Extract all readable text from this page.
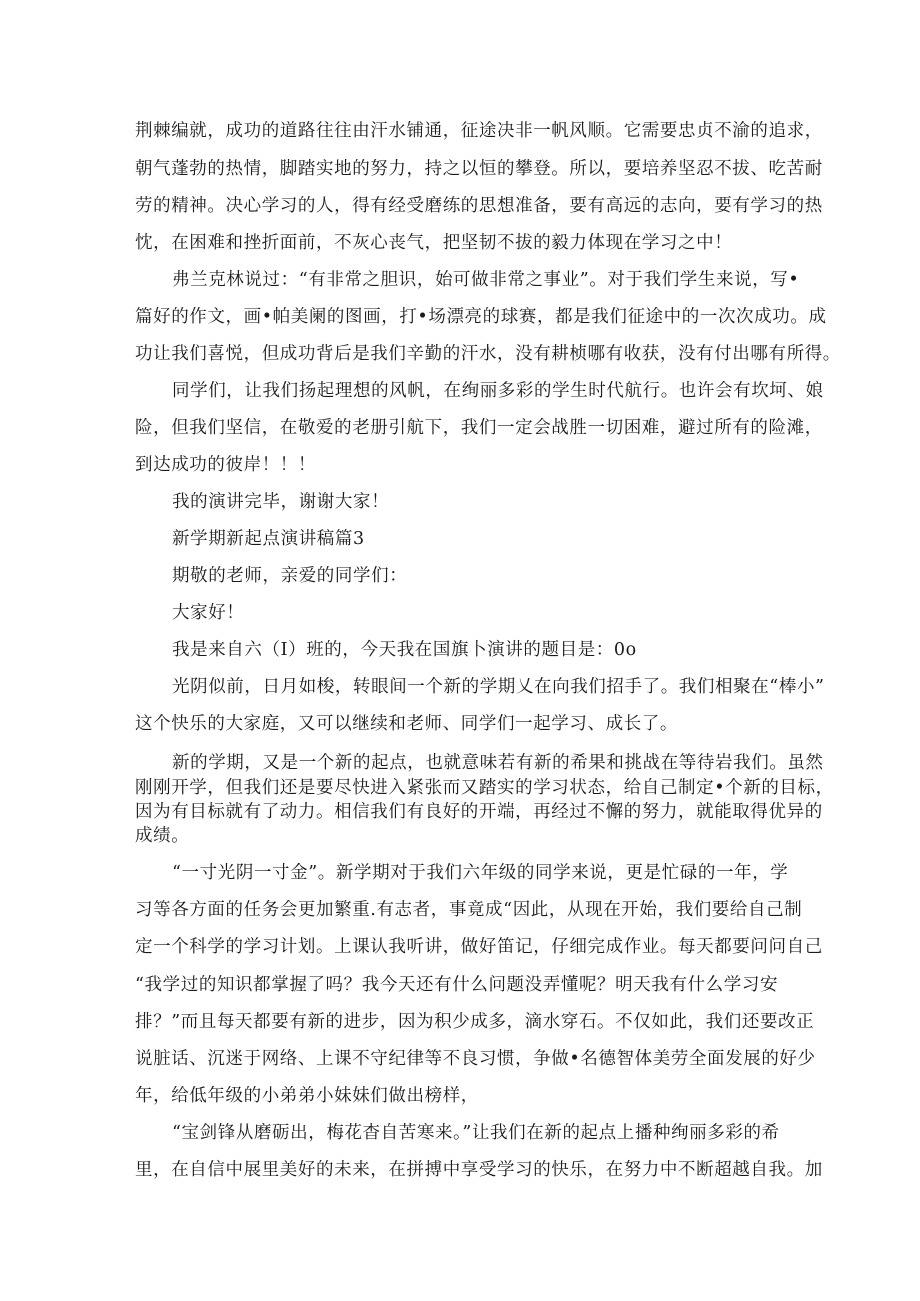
荆棘编就，成功的道路往往由汗水铺通，征途决非一帆风顺。它需要忠贞不渝的追求，
朝气蓬勃的热情，脚踏实地的努力，持之以恒的攀登。所以，要培养坚忍不拔、吃苦耐
劳的精神。决心学习的人，得有经受磨练的思想准备，要有高远的志向，要有学习的热
忱，在困难和挫折面前，不灰心丧气，把坚韧不拔的毅力体现在学习之中！
弗兰克林说过：“有非常之胆识，始可做非常之事业”。对于我们学生来说，写•
篇好的作文，画•帕美阑的图画，打•场漂亮的球赛，都是我们征途中的一次次成功。成
功让我们喜悦，但成功背后是我们辛勤的汗水，没有耕桢哪有收获，没有付出哪有所得。
同学们，让我们扬起理想的风帆，在绚丽多彩的学生时代航行。也许会有坎坷、娘
险，但我们坚信，在敬爱的老册引航下，我们一定会战胜一切困难，避过所有的险滩，
到达成功的彼岸！！！
我的演讲完毕，谢谢大家！
新学期新起点演讲稿篇3
期敬的老师，亲爱的同学们：
大家好！
我是来自六（I）班的，今天我在国旗卜演讲的题目是：0o
光阴似前，日月如梭，转眼间一个新的学期乂在向我们招手了。我们相聚在“棒小”
这个快乐的大家庭，又可以继续和老师、同学们一起学习、成长了。
新的学期，又是一个新的起点，也就意味若有新的希果和挑战在等待岩我们。虽然
刚刚开学，但我们还是要尽快进入紧张而又踏实的学习状态，给自己制定•个新的目标，
因为有目标就有了动力。相信我们有良好的开端，再经过不懈的努力，就能取得优异的
成绩。
“一寸光阴一寸金”。新学期对于我们六年级的同学来说，更是忙碌的一年，学
习等各方面的任务会更加繁重.有志者，事竟成“因此，从现在开始，我们要给自己制
定一个科学的学习计划。上课认我听讲，做好笛记，仔细完成作业。每天都要问问自己
“我学过的知识都掌握了吗？我今天还有什么问题没弄懂呢？明天我有什么学习安
排？”而且每天都要有新的进步，因为积少成多，滴水穿石。不仅如此，我们还要改正
说脏话、沉迷于网络、上课不守纪律等不良习惯，争做•名德智体美劳全面发展的好少
年，给低年级的小弟弟小妹妹们做出榜样，
“宝剑锋从磨砺出，梅花杳自苦寒来。”让我们在新的起点上播种绚丽多彩的希
里，在自信中展里美好的未来，在拼搏中享受学习的快乐，在努力中不断超越自我。加
